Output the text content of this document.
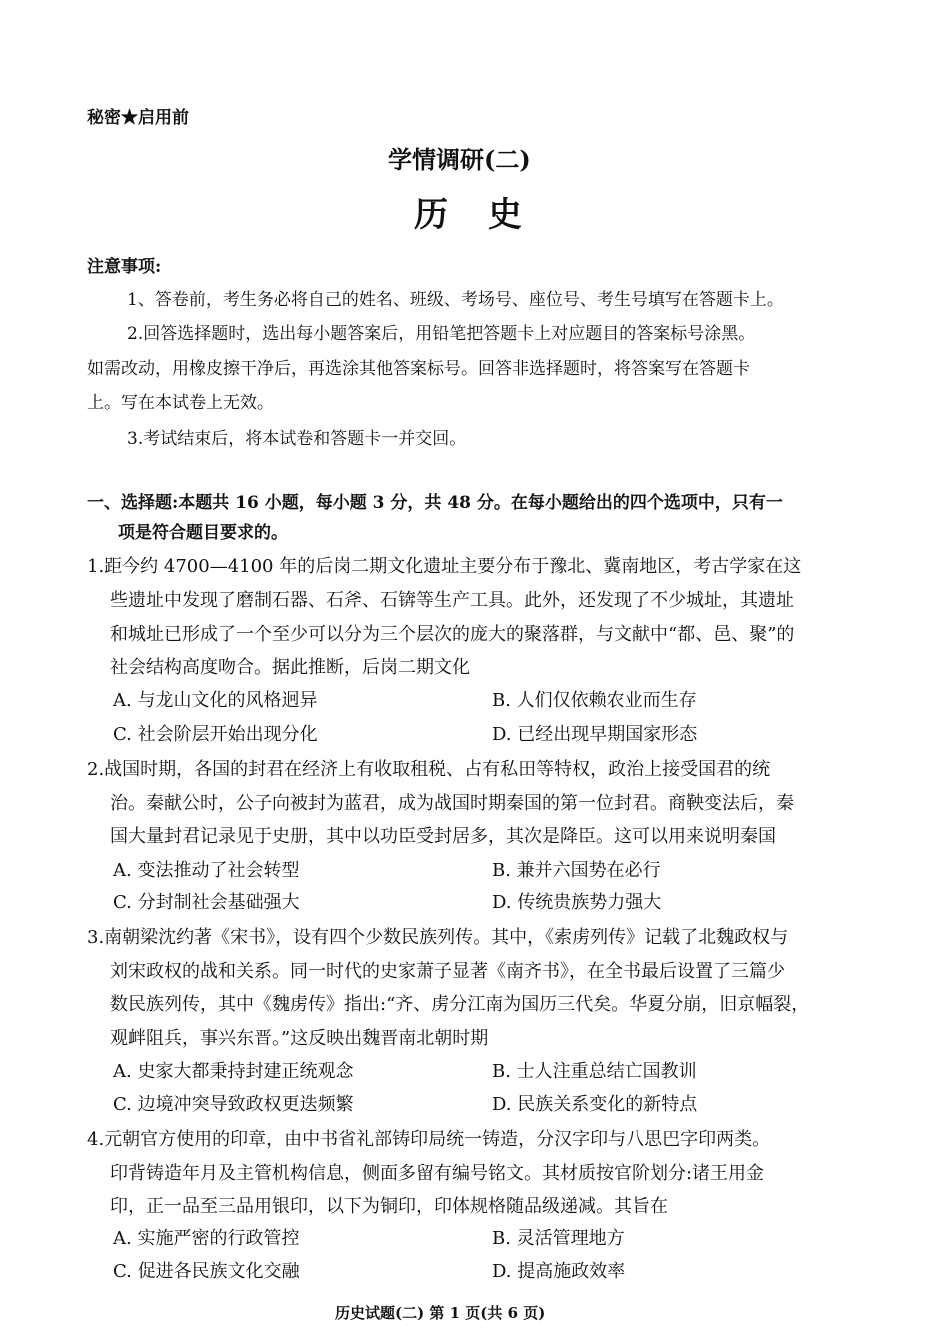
秘密★启用前
学情调研(二)
历 史
注意事项:
1、答卷前，考生务必将自己的姓名、班级、考场号、座位号、考生号填写在答题卡上。
2.回答选择题时，选出每小题答案后，用铅笔把答题卡上对应题目的答案标号涂黑。
如需改动，用橡皮擦干净后，再选涂其他答案标号。回答非选择题时，将答案写在答题卡
上。写在本试卷上无效。
3.考试结束后，将本试卷和答题卡一并交回。
一、选择题:本题共 16 小题，每小题 3 分，共 48 分。在每小题给出的四个选项中，只有一
项是符合题目要求的。
1.距今约 4700—4100 年的后岗二期文化遗址主要分布于豫北、冀南地区，考古学家在这
些遗址中发现了磨制石器、石斧、石锛等生产工具。此外，还发现了不少城址，其遗址
和城址已形成了一个至少可以分为三个层次的庞大的聚落群，与文献中“都、邑、聚”的
社会结构高度吻合。据此推断，后岗二期文化
A. 与龙山文化的风格迥异	B. 人们仅依赖农业而生存
C. 社会阶层开始出现分化	D. 已经出现早期国家形态
2.战国时期，各国的封君在经济上有收取租税、占有私田等特权，政治上接受国君的统
治。秦献公时，公子向被封为蓝君，成为战国时期秦国的第一位封君。商鞅变法后，秦
国大量封君记录见于史册，其中以功臣受封居多，其次是降臣。这可以用来说明秦国
A. 变法推动了社会转型	B. 兼并六国势在必行
C. 分封制社会基础强大	D. 传统贵族势力强大
3.南朝梁沈约著《宋书》，设有四个少数民族列传。其中，《索虏列传》记载了北魏政权与
刘宋政权的战和关系。同一时代的史家萧子显著《南齐书》，在全书最后设置了三篇少
数民族列传，其中《魏虏传》指出:“齐、虏分江南为国历三代矣。华夏分崩，旧京幅裂，
观衅阻兵，事兴东晋。”这反映出魏晋南北朝时期
A. 史家大都秉持封建正统观念	B. 士人注重总结亡国教训
C. 边境冲突导致政权更迭频繁	D. 民族关系变化的新特点
4.元朝官方使用的印章，由中书省礼部铸印局统一铸造，分汉字印与八思巴字印两类。
印背铸造年月及主管机构信息，侧面多留有编号铭文。其材质按官阶划分:诸王用金
印，正一品至三品用银印，以下为铜印，印体规格随品级递减。其旨在
A. 实施严密的行政管控	B. 灵活管理地方
C. 促进各民族文化交融	D. 提高施政效率
历史试题(二) 第 1 页(共 6 页)
